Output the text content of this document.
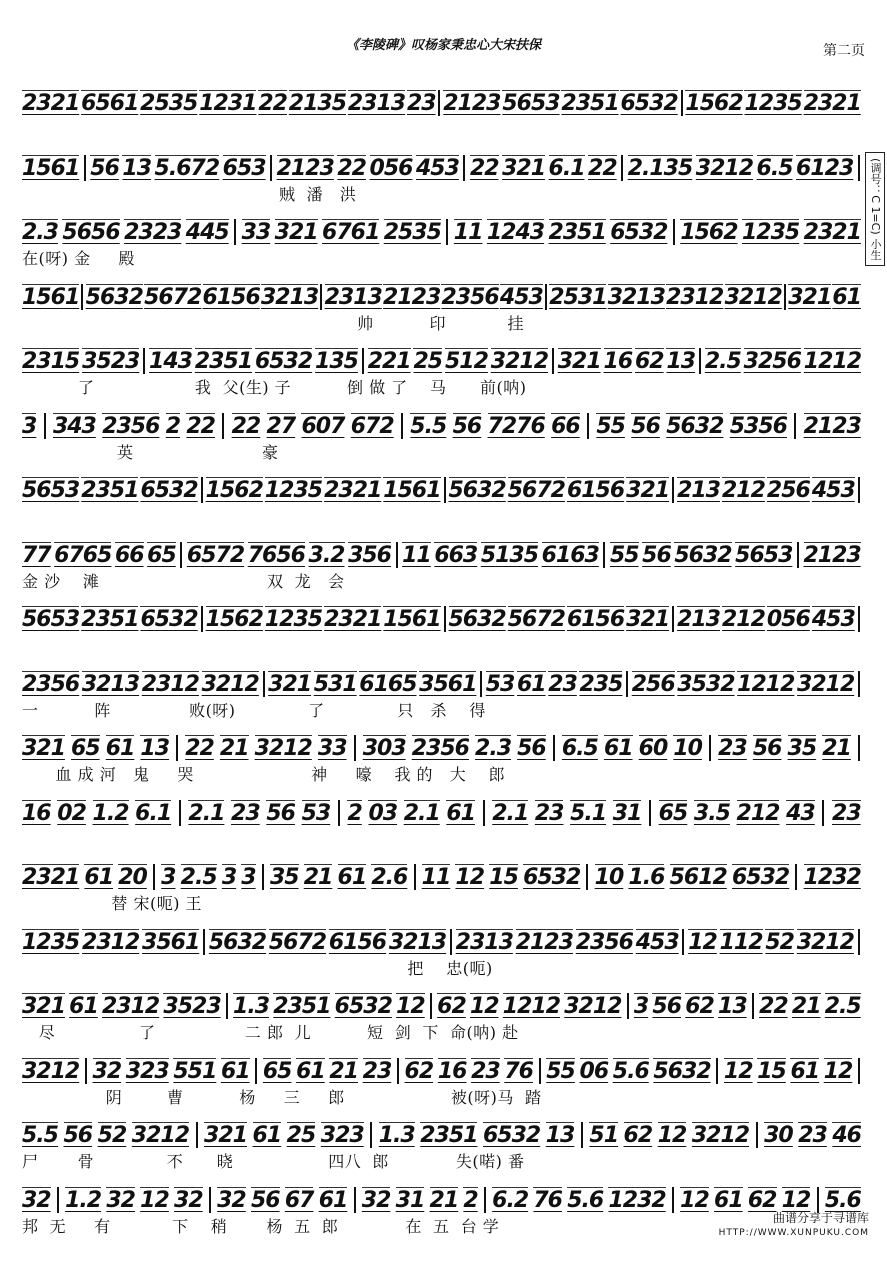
《李陵碑》叹杨家秉忠心大宋扶保	第二页
(调号：C 1=C) 小生
2321 6561 2535 1231 22 2135 2313 23 2123 5653 2351 6532 1562 1235 2321
1561 56 13 5.672 653 2123 22 056 453 22 321 6.1 22 2.135 3212 6.5 6123
贼  潘   洪
2.3 5656 2323 445 33 321 6761 2535 11 1243 2351 6532 1562 1235 2321
在(呀) 金     殿
1561 5632 5672 6156 3213 2313 2123 2356 453 2531 3213 2312 3212 321 61
帅          印           挂
2315 3523 143 2351 6532 135 221 25 512 3212 321 16 62 13 2.5 3256 1212
了                  我  父(生) 子          倒 做 了    马      前(呐)
3 343 2356 2 22 22 27 607 672 5.5 56 7276 66 55 56 5632 5356 2123
英                       豪
5653 2351 6532 1562 1235 2321 1561 5632 5672 6156 321 213 212 256 453
77 6765 66 65 6572 7656 3.2 356 11 663 5135 6163 55 56 5632 5653 2123
金 沙    滩                              双  龙   会
5653 2351 6532 1562 1235 2321 1561 5632 5672 6156 321 213 212 056 453
2356 3213 2312 3212 321 531 6165 3561 53 61 23 235 256 3532 1212 3212
一          阵              败(呀)             了             只   杀    得
321 65 61 13 22 21 3212 33 303 2356 2.3 56 6.5 61 60 10 23 56 35 21
血 成 河   鬼     哭                     神     嚎    我 的   大    郎
16 02 1.2 6.1 2.1 23 56 53 2 03 2.1 61 2.1 23 5.1 31 65 3.5 212 43 23
2321 61 20 3 2.5 3 3 35 21 61 2.6 11 12 15 6532 10 1.6 5612 6532 1232
替 宋(呃) 王
1235 2312 3561 5632 5672 6156 3213 2313 2123 2356 453 12 112 52 3212
把    忠(呃)
321 61 2312 3523 1.3 2351 6532 12 62 12 1212 3212 3 56 62 13 22 21 2.5
尽               了                二 郎  儿          短  剑  下  命(呐) 赴
3212 32 323 551 61 65 61 21 23 62 16 23 76 55 06 5.6 5632 12 15 61 12
阴        曹          杨     三     郎                   被(呀)马  踏
5.5 56 52 3212 321 61 25 323 1.3 2351 6532 13 51 62 12 3212 30 23 46
尸       骨             不      晓                 四八  郎            失(喏) 番
32 1.2 32 12 32 32 56 67 61 32 31 21 2 6.2 76 5.6 1232 12 61 62 12 5.6
邦  无     有           下    稍       杨  五  郎            在  五  台 学	曲谱分享于寻谱库
HTTP://WWW.XUNPUKU.COM
